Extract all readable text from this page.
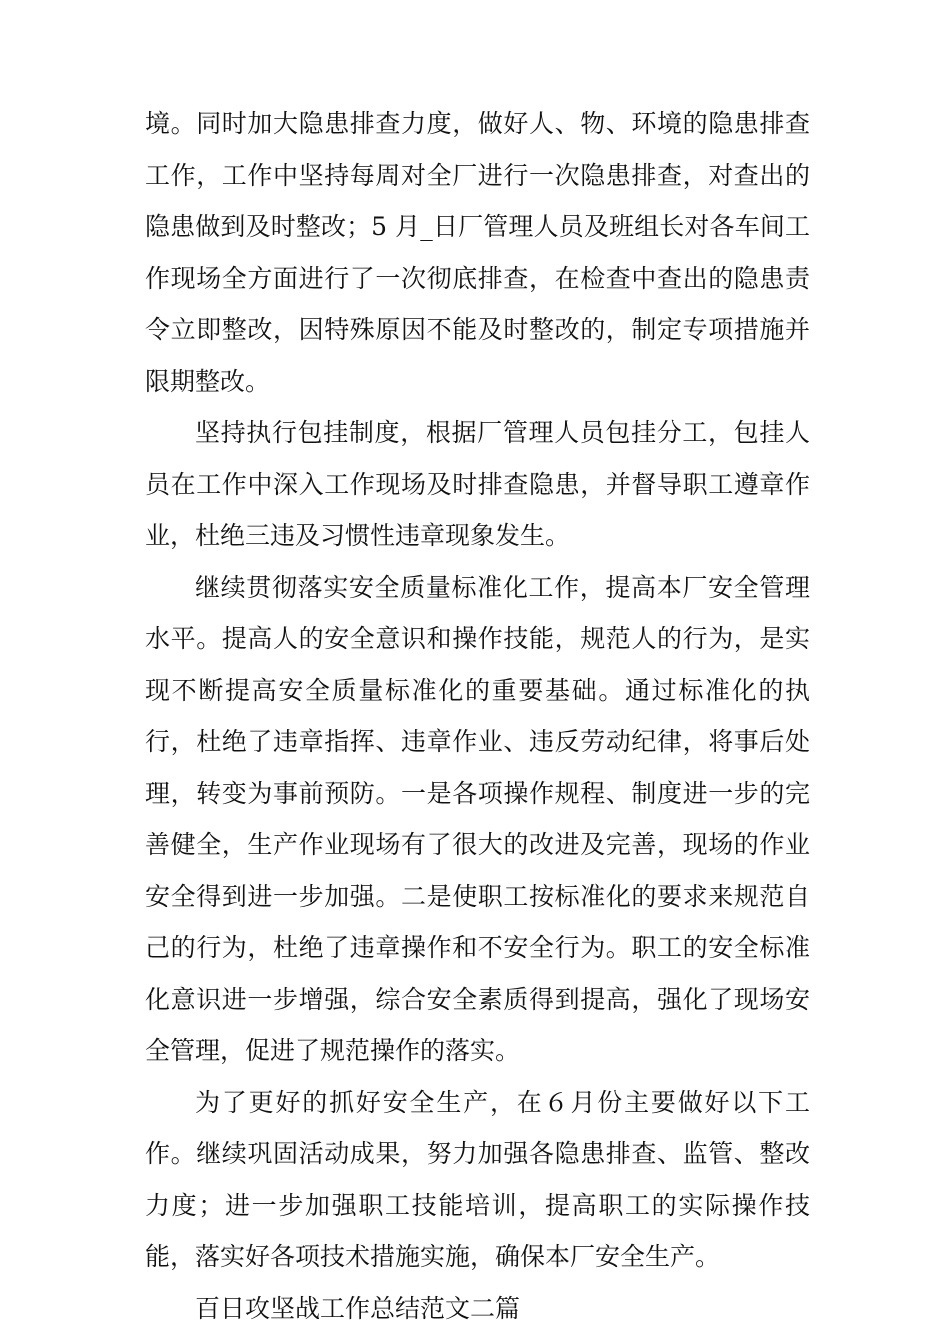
境。同时加大隐患排查力度，做好人、物、环境的隐患排查工作，工作中坚持每周对全厂进行一次隐患排查，对查出的隐患做到及时整改；5 月_日厂管理人员及班组长对各车间工作现场全方面进行了一次彻底排查，在检查中查出的隐患责令立即整改，因特殊原因不能及时整改的，制定专项措施并限期整改。

坚持执行包挂制度，根据厂管理人员包挂分工，包挂人员在工作中深入工作现场及时排查隐患，并督导职工遵章作业，杜绝三违及习惯性违章现象发生。

继续贯彻落实安全质量标准化工作，提高本厂安全管理水平。提高人的安全意识和操作技能，规范人的行为，是实现不断提高安全质量标准化的重要基础。通过标准化的执行，杜绝了违章指挥、违章作业、违反劳动纪律，将事后处理，转变为事前预防。一是各项操作规程、制度进一步的完善健全，生产作业现场有了很大的改进及完善，现场的作业安全得到进一步加强。二是使职工按标准化的要求来规范自己的行为，杜绝了违章操作和不安全行为。职工的安全标准化意识进一步增强，综合安全素质得到提高，强化了现场安全管理，促进了规范操作的落实。

为了更好的抓好安全生产，在６月份主要做好以下工作。继续巩固活动成果，努力加强各隐患排查、监管、整改力度；进一步加强职工技能培训，提高职工的实际操作技能，落实好各项技术措施实施，确保本厂安全生产。

百日攻坚战工作总结范文二篇
